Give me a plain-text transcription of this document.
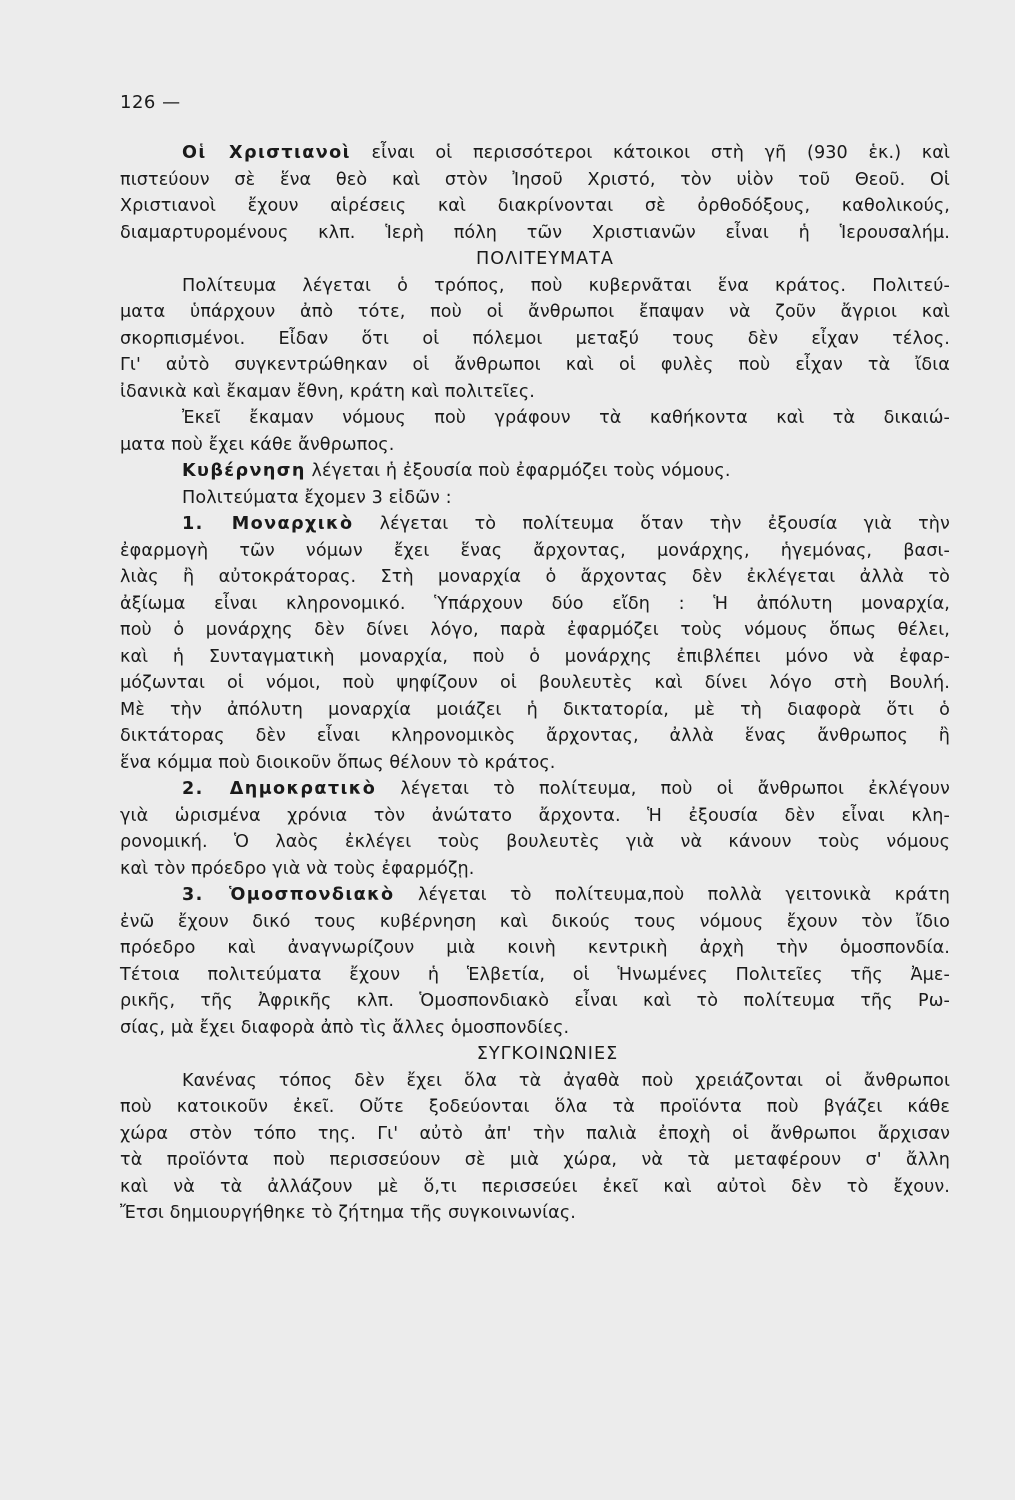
126 —
Οἱ Χριστιανοὶ εἶναι οἱ περισσότεροι κάτοικοι στὴ γῆ (930 ἑκ.) καὶ
πιστεύουν σὲ ἕνα θεὸ καὶ στὸν Ἰησοῦ Χριστό, τὸν υἱὸν τοῦ Θεοῦ. Οἱ
Χριστιανοὶ ἔχουν αἱρέσεις καὶ διακρίνονται σὲ ὀρθοδόξους, καθολικούς,
διαμαρτυρομένους κλπ. Ἱερὴ πόλη τῶν Χριστιανῶν εἶναι ἡ Ἱερουσαλήμ.
ΠΟΛΙΤΕΥΜΑΤΑ
Πολίτευμα λέγεται ὁ τρόπος, ποὺ κυβερνᾶται ἕνα κράτος. Πολιτεύ-
ματα ὑπάρχουν ἀπὸ τότε, ποὺ οἱ ἄνθρωποι ἔπαψαν νὰ ζοῦν ἄγριοι καὶ
σκορπισμένοι. Εἶδαν ὅτι οἱ πόλεμοι μεταξύ τους δὲν εἶχαν τέλος.
Γι' αὐτὸ συγκεντρώθηκαν οἱ ἄνθρωποι καὶ οἱ φυλὲς ποὺ εἶχαν τὰ ἴδια
ἰδανικὰ καὶ ἔκαμαν ἔθνη, κράτη καὶ πολιτεῖες.
Ἐκεῖ ἔκαμαν νόμους ποὺ γράφουν τὰ καθήκοντα καὶ τὰ δικαιώ-
ματα ποὺ ἔχει κάθε ἄνθρωπος.
Κυβέρνηση λέγεται ἡ ἐξουσία ποὺ ἐφαρμόζει τοὺς νόμους.
Πολιτεύματα ἔχομεν 3 εἰδῶν :
1. Μοναρχικὸ λέγεται τὸ πολίτευμα ὅταν τὴν ἐξουσία γιὰ τὴν
ἐφαρμογὴ τῶν νόμων ἔχει ἕνας ἄρχοντας, μονάρχης, ἡγεμόνας, βασι-
λιὰς ἢ αὐτοκράτορας. Στὴ μοναρχία ὁ ἄρχοντας δὲν ἐκλέγεται ἀλλὰ τὸ
ἀξίωμα εἶναι κληρονομικό. Ὑπάρχουν δύο εἴδη : Ἡ ἀπόλυτη μοναρχία,
ποὺ ὁ μονάρχης δὲν δίνει λόγο, παρὰ ἐφαρμόζει τοὺς νόμους ὅπως θέλει,
καὶ ἡ Συνταγματικὴ μοναρχία, ποὺ ὁ μονάρχης ἐπιβλέπει μόνο νὰ ἐφαρ-
μόζωνται οἱ νόμοι, ποὺ ψηφίζουν οἱ βουλευτὲς καὶ δίνει λόγο στὴ Βουλή.
Μὲ τὴν ἀπόλυτη μοναρχία μοιάζει ἡ δικτατορία, μὲ τὴ διαφορὰ ὅτι ὁ
δικτάτορας δὲν εἶναι κληρονομικὸς ἄρχοντας, ἀλλὰ ἕνας ἄνθρωπος ἢ
ἕνα κόμμα ποὺ διοικοῦν ὅπως θέλουν τὸ κράτος.
2. Δημοκρατικὸ λέγεται τὸ πολίτευμα, ποὺ οἱ ἄνθρωποι ἐκλέγουν
γιὰ ὡρισμένα χρόνια τὸν ἀνώτατο ἄρχοντα. Ἡ ἐξουσία δὲν εἶναι κλη-
ρονομική. Ὁ λαὸς ἐκλέγει τοὺς βουλευτὲς γιὰ νὰ κάνουν τοὺς νόμους
καὶ τὸν πρόεδρο γιὰ νὰ τοὺς ἐφαρμόζῃ.
3. Ὁμοσπονδιακὸ λέγεται τὸ πολίτευμα,ποὺ πολλὰ γειτονικὰ κράτη
ἐνῶ ἔχουν δικό τους κυβέρνηση καὶ δικούς τους νόμους ἔχουν τὸν ἴδιο
πρόεδρο καὶ ἀναγνωρίζουν μιὰ κοινὴ κεντρικὴ ἀρχὴ τὴν ὁμοσπονδία.
Τέτοια πολιτεύματα ἔχουν ἡ Ἑλβετία, οἱ Ἡνωμένες Πολιτεῖες τῆς Ἀμε-
ρικῆς, τῆς Ἀφρικῆς κλπ. Ὁμοσπονδιακὸ εἶναι καὶ τὸ πολίτευμα τῆς Ρω-
σίας, μὰ ἔχει διαφορὰ ἀπὸ τὶς ἄλλες ὁμοσπονδίες.
ΣΥΓΚΟΙΝΩΝΙΕΣ
Κανένας τόπος δὲν ἔχει ὅλα τὰ ἀγαθὰ ποὺ χρειάζονται οἱ ἄνθρωποι
ποὺ κατοικοῦν ἐκεῖ. Οὔτε ξοδεύονται ὅλα τὰ προϊόντα ποὺ βγάζει κάθε
χώρα στὸν τόπο της. Γι' αὐτὸ ἀπ' τὴν παλιὰ ἐποχὴ οἱ ἄνθρωποι ἄρχισαν
τὰ προϊόντα ποὺ περισσεύουν σὲ μιὰ χώρα, νὰ τὰ μεταφέρουν σ' ἄλλη
καὶ νὰ τὰ ἀλλάζουν μὲ ὅ,τι περισσεύει ἐκεῖ καὶ αὐτοὶ δὲν τὸ ἔχουν.
Ἔτσι δημιουργήθηκε τὸ ζήτημα τῆς συγκοινωνίας.
